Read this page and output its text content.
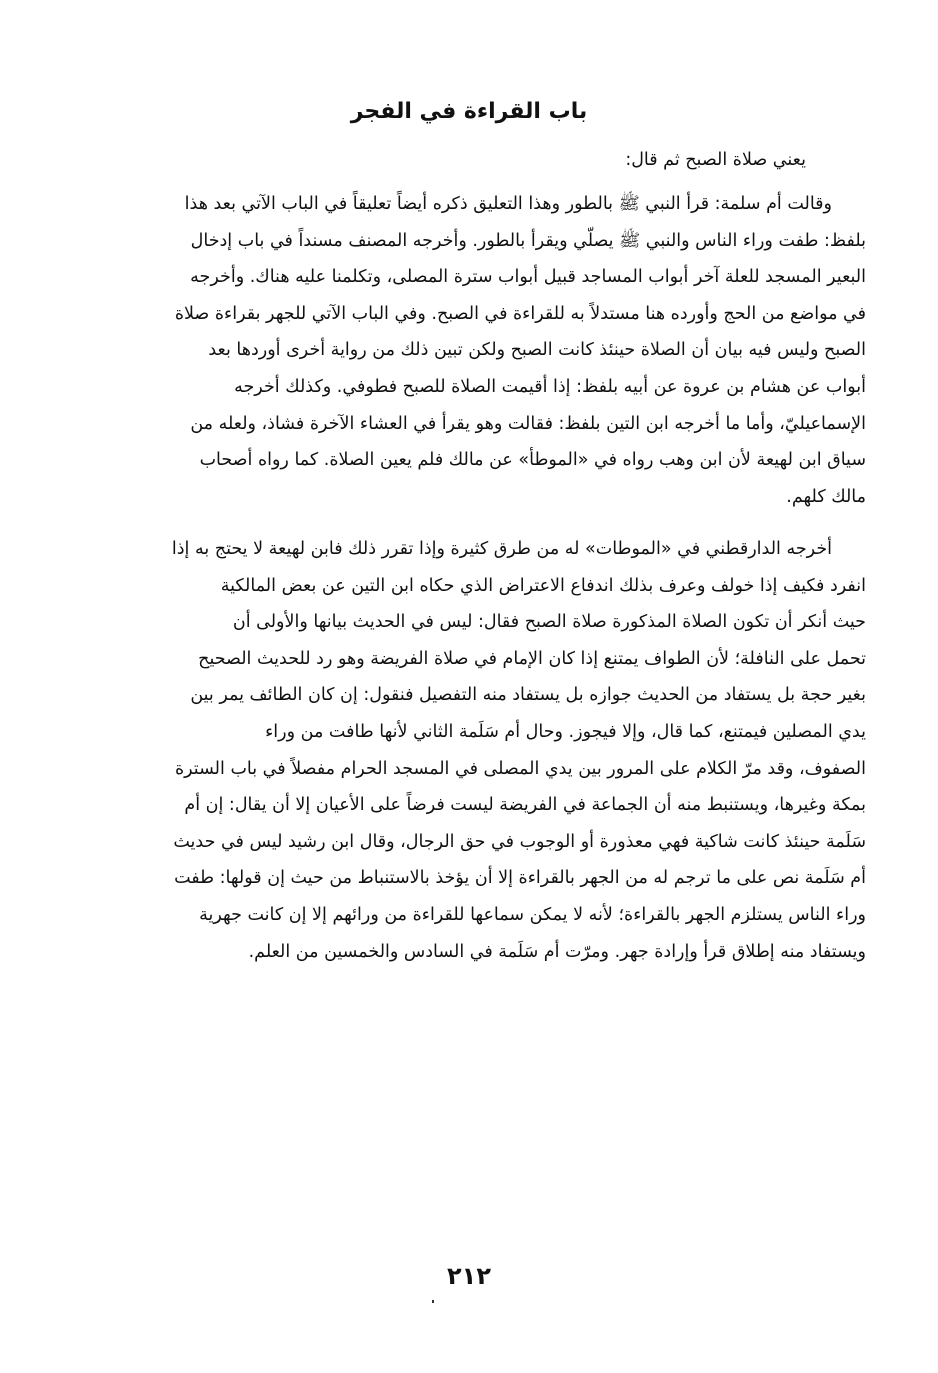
باب القراءة في الفجر

يعني صلاة الصبح ثم قال:

وقالت أم سلمة: قرأ النبي ﷺ بالطور وهذا التعليق ذكره أيضاً تعليقاً في الباب الآتي بعد هذا
بلفظ: طفت وراء الناس والنبي ﷺ يصلّي ويقرأ بالطور. وأخرجه المصنف مسنداً في باب إدخال
البعير المسجد للعلة آخر أبواب المساجد قبيل أبواب سترة المصلى، وتكلمنا عليه هناك. وأخرجه
في مواضع من الحج وأورده هنا مستدلاً به للقراءة في الصبح. وفي الباب الآتي للجهر بقراءة صلاة
الصبح وليس فيه بيان أن الصلاة حينئذ كانت الصبح ولكن تبين ذلك من رواية أخرى أوردها بعد
أبواب عن هشام بن عروة عن أبيه بلفظ: إذا أقيمت الصلاة للصبح فطوفي. وكذلك أخرجه
الإسماعيليّ، وأما ما أخرجه ابن التين بلفظ: فقالت وهو يقرأ في العشاء الآخرة فشاذ، ولعله من
سياق ابن لهيعة لأن ابن وهب رواه في «الموطأ» عن مالك فلم يعين الصلاة. كما رواه أصحاب
مالك كلهم.
أخرجه الدارقطني في «الموطات» له من طرق كثيرة وإذا تقرر ذلك فابن لهيعة لا يحتج به إذا
انفرد فكيف إذا خولف وعرف بذلك اندفاع الاعتراض الذي حكاه ابن التين عن بعض المالكية
حيث أنكر أن تكون الصلاة المذكورة صلاة الصبح فقال: ليس في الحديث بيانها والأولى أن
تحمل على النافلة؛ لأن الطواف يمتنع إذا كان الإمام في صلاة الفريضة وهو رد للحديث الصحيح
بغير حجة بل يستفاد من الحديث جوازه بل يستفاد منه التفصيل فنقول: إن كان الطائف يمر بين
يدي المصلين فيمتنع، كما قال، وإلا فيجوز. وحال أم سَلَمة الثاني لأنها طافت من وراء
الصفوف، وقد مرّ الكلام على المرور بين يدي المصلى في المسجد الحرام مفصلاً في باب السترة
بمكة وغيرها، ويستنبط منه أن الجماعة في الفريضة ليست فرضاً على الأعيان إلا أن يقال: إن أم
سَلَمة حينئذ كانت شاكية فهي معذورة أو الوجوب في حق الرجال، وقال ابن رشيد ليس في حديث
أم سَلَمة نص على ما ترجم له من الجهر بالقراءة إلا أن يؤخذ بالاستنباط من حيث إن قولها: طفت
وراء الناس يستلزم الجهر بالقراءة؛ لأنه لا يمكن سماعها للقراءة من ورائهم إلا إن كانت جهرية
ويستفاد منه إطلاق قرأ وإرادة جهر. ومرّت أم سَلَمة في السادس والخمسين من العلم.
٢١٢
